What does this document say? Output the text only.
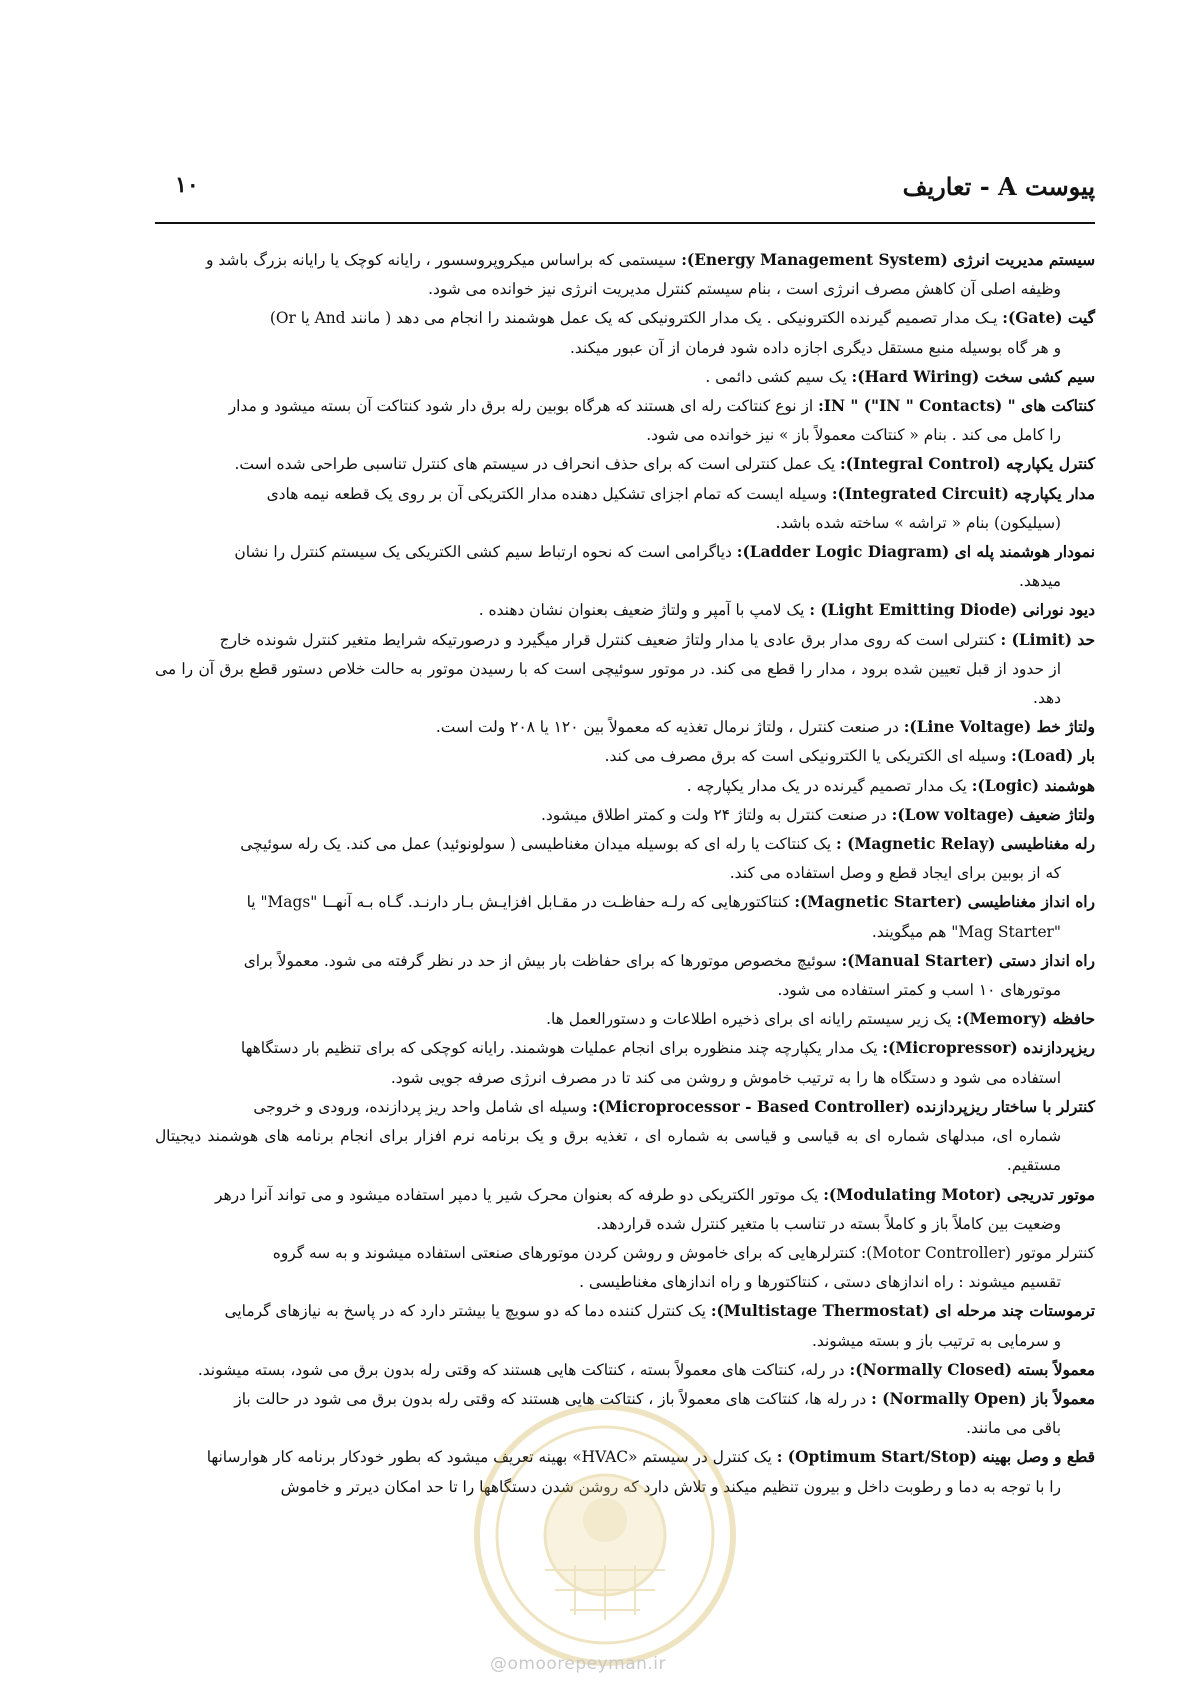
پیوست A - تعاریف
۱۰

سیستم مدیریت انرژی (Energy Management System): سیستمی که براساس میکروپروسسور ، رایانه کوچک یا رایانه بزرگ باشد و
وظیفه اصلی آن کاهش مصرف انرژی است ، بنام سیستم کنترل مدیریت انرژی نیز خوانده می شود.

گیت (Gate): یـک مدار تصمیم گیرنده الکترونیکی . یک مدار الکترونیکی که یک عمل هوشمند را انجام می دهد ( مانند And یا Or)
و هر گاه بوسیله منبع مستقل دیگری اجازه داده شود فرمان از آن عبور میکند.

سیم کشی سخت (Hard Wiring): یک سیم کشی دائمی .

کنتاکت های " IN " ("IN " Contacts): از نوع کنتاکت رله ای هستند که هرگاه بوبین رله برق دار شود کنتاکت آن بسته میشود و مدار
را کامل می کند . بنام « کنتاکت معمولاً باز » نیز خوانده می شود.

کنترل یکپارچه (Integral Control): یک عمل کنترلی است که برای حذف انحراف در سیستم های کنترل تناسبی طراحی شده است.

مدار یکپارچه (Integrated Circuit): وسیله ایست که تمام اجزای تشکیل دهنده مدار الکتریکی آن بر روی یک قطعه نیمه هادی
(سیلیکون) بنام « تراشه » ساخته شده باشد.

نمودار هوشمند پله ای (Ladder Logic Diagram): دیاگرامی است که نحوه ارتباط سیم کشی الکتریکی یک سیستم کنترل را نشان
میدهد.

دیود نورانی (Light Emitting Diode) : یک لامپ با آمپر و ولتاژ ضعیف بعنوان نشان دهنده .

حد (Limit) : کنترلی است که روی مدار برق عادی یا مدار ولتاژ ضعیف کنترل قرار میگیرد و درصورتیکه شرایط متغیر کنترل شونده خارج
از حدود از قبل تعیین شده برود ، مدار را قطع می کند. در موتور سوئیچی است که با رسیدن موتور به حالت خلاص دستور قطع برق آن را می دهد.

ولتاژ خط (Line Voltage): در صنعت کنترل ، ولتاژ نرمال تغذیه که معمولاً بین ۱۲۰ یا ۲۰۸ ولت است.

بار (Load): وسیله ای الکتریکی یا الکترونیکی است که برق مصرف می کند.

هوشمند (Logic): یک مدار تصمیم گیرنده در یک مدار یکپارچه .

ولتاژ ضعیف (Low voltage): در صنعت کنترل به ولتاژ ۲۴ ولت و کمتر اطلاق میشود.

رله مغناطیسی (Magnetic Relay) : یک کنتاکت یا رله ای که بوسیله میدان مغناطیسی ( سولونوئید) عمل می کند. یک رله سوئیچی
که از بوبین برای ایجاد قطع و وصل استفاده می کند.

راه انداز مغناطیسی (Magnetic Starter): کنتاکتورهایی که رلـه حفاظـت در مقـابل افزایـش بـار دارنـد. گـاه بـه آنهــا "Mags" یا
"Mag Starter" هم میگویند.

راه انداز دستی (Manual Starter): سوئیچ مخصوص موتورها که برای حفاظت بار بیش از حد در نظر گرفته می شود. معمولاً برای
موتورهای ۱۰ اسب و کمتر استفاده می شود.

حافظه (Memory): یک زیر سیستم رایانه ای برای ذخیره اطلاعات و دستورالعمل ها.

ریزپردازنده (Micropressor): یک مدار یکپارچه چند منظوره برای انجام عملیات هوشمند. رایانه کوچکی که برای تنظیم بار دستگاهها
استفاده می شود و دستگاه ها را به ترتیب خاموش و روشن می کند تا در مصرف انرژی صرفه جویی شود.

کنترلر با ساختار ریزپردازنده (Microprocessor - Based Controller): وسیله ای شامل واحد ریز پردازنده، ورودی و خروجی
شماره ای، مبدلهای شماره ای به قیاسی و قیاسی به شماره ای ، تغذیه برق و یک برنامه نرم افزار برای انجام برنامه های هوشمند دیجیتال مستقیم.

موتور تدریجی (Modulating Motor): یک موتور الکتریکی دو طرفه که بعنوان محرک شیر یا دمپر استفاده میشود و می تواند آنرا درهر
وضعیت بین کاملاً باز و کاملاً بسته در تناسب با متغیر کنترل شده قراردهد.

کنترلر موتور (Motor Controller): کنترلرهایی که برای خاموش و روشن کردن موتورهای صنعتی استفاده میشوند و به سه گروه
تقسیم میشوند : راه اندازهای دستی ، کنتاکتورها و راه اندازهای مغناطیسی .

ترموستات چند مرحله ای (Multistage Thermostat): یک کنترل کننده دما که دو سویچ یا بیشتر دارد که در پاسخ به نیازهای گرمایی
و سرمایی به ترتیب باز و بسته میشوند.

معمولاً بسته (Normally Closed): در رله، کنتاکت های معمولاً بسته ، کنتاکت هایی هستند که وقتی رله بدون برق می شود، بسته میشوند.

معمولاً باز (Normally Open) : در رله ها، کنتاکت های معمولاً باز ، کنتاکت هایی هستند که وقتی رله بدون برق می شود در حالت باز
باقی می مانند.

قطع و وصل بهینه (Optimum Start/Stop) : یک کنترل در سیستم «HVAC» بهینه تعریف میشود که بطور خودکار برنامه کار هوارسانها
را با توجه به دما و رطوبت داخل و بیرون تنظیم میکند و تلاش دارد که روشن شدن دستگاهها را تا حد امکان دیرتر و خاموش

@omoorepeyman.ir
